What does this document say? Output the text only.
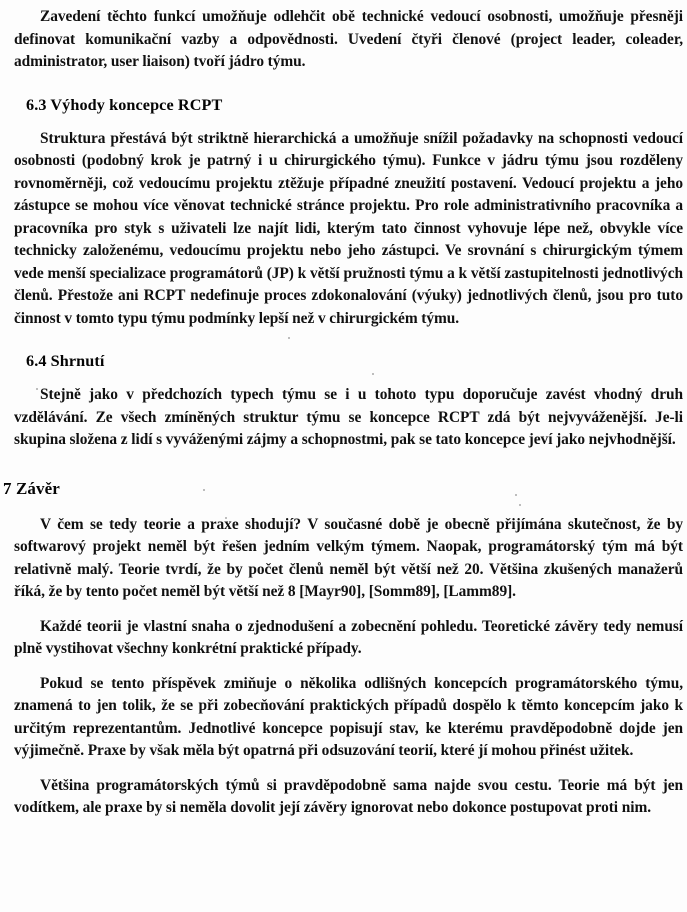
Zavedení těchto funkcí umožňuje odlehčit obě technické vedoucí osobnosti, umožňuje přesněji definovat komunikační vazby a odpovědnosti. Uvedení čtyři členové (project leader, coleader, administrator, user liaison) tvoří jádro týmu.

6.3 Výhody koncepce RCPT

Struktura přestává být striktně hierarchická a umožňuje snížil požadavky na schopnosti vedoucí osobnosti (podobný krok je patrný i u chirurgického týmu). Funkce v jádru týmu jsou rozděleny rovnoměrněji, což vedoucímu projektu ztěžuje případné zneužití postavení. Vedoucí projektu a jeho zástupce se mohou více věnovat technické stránce projektu. Pro role administrativního pracovníka a pracovníka pro styk s uživateli lze najít lidi, kterým tato činnost vyhovuje lépe než, obvykle více technicky založenému, vedoucímu projektu nebo jeho zástupci. Ve srovnání s chirurgickým týmem vede menší specializace programátorů (JP) k větší pružnosti týmu a k větší zastupitelnosti jednotlivých členů. Přestože ani RCPT nedefinuje proces zdokonalování (výuky) jednotlivých členů, jsou pro tuto činnost v tomto typu týmu podmínky lepší než v chirurgickém týmu.

6.4 Shrnutí

Stejně jako v předchozích typech týmu se i u tohoto typu doporučuje zavést vhodný druh vzdělávání. Ze všech zmíněných struktur týmu se koncepce RCPT zdá být nejvyváženější. Je-li skupina složena z lidí s vyváženými zájmy a schopnostmi, pak se tato koncepce jeví jako nejvhodnější.

7 Závěr

V čem se tedy teorie a praxe shodují? V současné době je obecně přijímána skutečnost, že by softwarový projekt neměl být řešen jedním velkým týmem. Naopak, programátorský tým má být relativně malý. Teorie tvrdí, že by počet členů neměl být větší než 20. Většina zkušených manažerů říká, že by tento počet neměl být větší než 8 [Mayr90], [Somm89], [Lamm89].

Každé teorii je vlastní snaha o zjednodušení a zobecnění pohledu. Teoretické závěry tedy nemusí plně vystihovat všechny konkrétní praktické případy.

Pokud se tento příspěvek zmiňuje o několika odlišných koncepcích programátorského týmu, znamená to jen tolik, že se při zobecňování praktických případů dospělo k těmto koncepcím jako k určitým reprezentantům. Jednotlivé koncepce popisují stav, ke kterému pravděpodobně dojde jen výjimečně. Praxe by však měla být opatrná při odsuzování teorií, které jí mohou přinést užitek.

Většina programátorských týmů si pravděpodobně sama najde svou cestu. Teorie má být jen vodítkem, ale praxe by si neměla dovolit její závěry ignorovat nebo dokonce postupovat proti nim.
